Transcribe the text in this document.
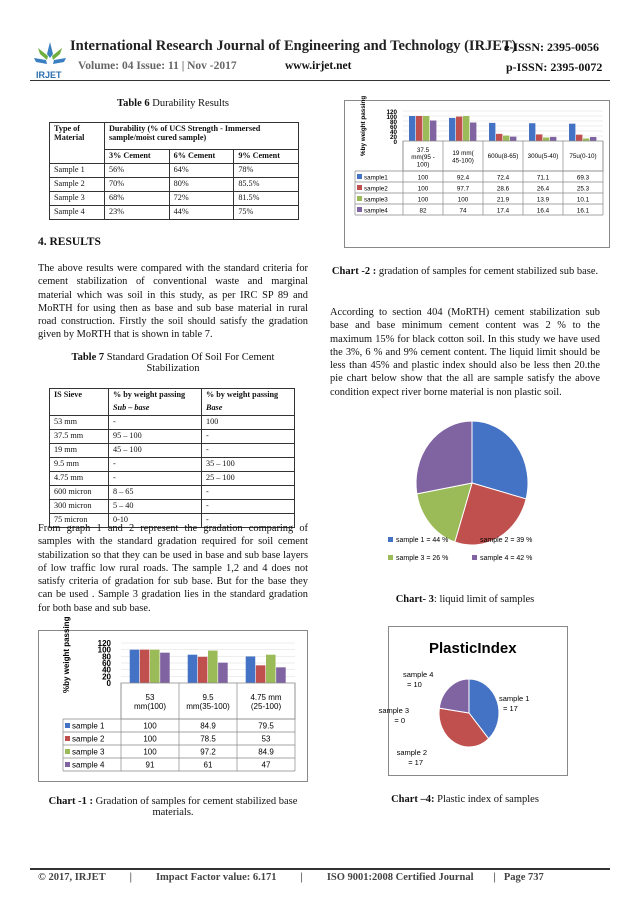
IRJET
International Research Journal of Engineering and Technology (IRJET)
e-ISSN: 2395-0056
Volume: 04 Issue: 11 | Nov -2017	www.irjet.net	p-ISSN: 2395-0072
Table 6 Durability Results
Type of Material	Durability (% of UCS Strength - Immersed sample/moist cured sample)		
	3% Cement	6% Cement	9% Cement
Sample 1	56%	64%	78%
Sample 2	70%	80%	85.5%
Sample 3	68%	72%	81.5%
Sample 4	23%	44%	75%
4. RESULTS

The above results were compared with the standard criteria for cement stabilization of conventional waste and marginal material which was soil in this study, as per IRC SP 89 and MoRTH for using then as base and sub base material in rural road construction. Firstly the soil should satisfy the gradation given by MoRTH that is shown in table 7.

Table 7 Standard Gradation Of Soil For Cement Stabilization
IS Sieve	% by weight passing	% by weight passing
	Sub – base	Base
53 mm	-	100
37.5 mm	95 – 100	-
19 mm	45 – 100	-
9.5 mm	-	35 – 100
4.75 mm	-	25 – 100
600 micron	8 – 65	-
300 micron	5 – 40	-
75 micron	0-10	-

From graph 1 and 2 represent the gradation comparing of samples with the standard gradation required for soil cement stabilization so that they can be used in base and sub base layers of low traffic low rural roads. The sample 1,2 and 4 does not satisfy criteria of gradation for sub base. But for the base they can be used . Sample 3 gradation lies in the standard gradation for both base and sub base.

%by weight passing	120
100
80
60
40
20
0
53 mm(100)
9.5 mm(35-100)
4.75 mm (25-100)
sample 1	100	84.9	79.5
sample 2	100	78.5	53
sample 3	100	97.2	84.9
sample 4	91	61	47
Chart -1 : Gradation of samples for cement stabilized base materials.
%by weight passing	120
100
80
60
40
20
0
37.5 mm(95 -100)
19 mm( 45-100)
600u(8-65) 300u(5-40) 75u(0-10)
sample1	100	92.4	72.4	71.1	69.3
sample2	100	97.7	28.6	26.4	25.3
sample3	100	100	21.9	13.9	10.1
sample4	82	74	17.4	16.4	16.1
Chart -2 : gradation of samples for cement stabilized sub base.

According to section 404 (MoRTH) cement stabilization sub base and base minimum cement content was 2 % to the maximum 15% for black cotton soil. In this study we have used the 3%, 6 % and 9% cement content. The liquid limit should be less than 45% and plastic index should also be less then 20.the pie chart below show that the all are sample satisfy the above condition expect river borne material is non plastic soil.

sample 1 = 44 %	sample 2 = 39 %
sample 3 = 26 %	sample 4 = 42 %
Chart- 3: liquid limit of samples
PlasticIndex
sample 1 = 17
sample 2 = 17
sample 3 = 0
sample 4 = 10
Chart –4: Plastic index of samples
© 2017, IRJET | Impact Factor value: 6.171 | ISO 9001:2008 Certified Journal | Page 737
